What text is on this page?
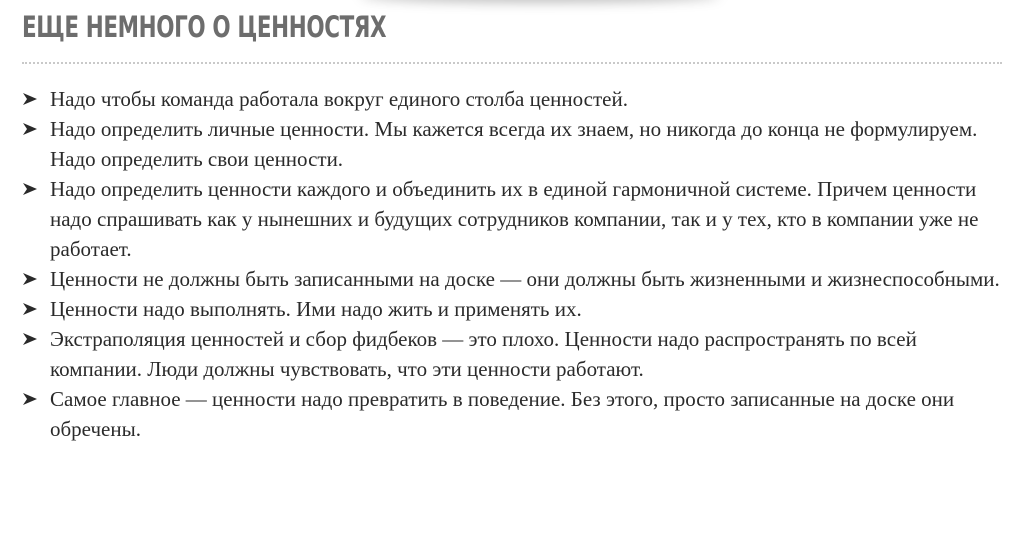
ЕЩЕ НЕМНОГО О ЦЕННОСТЯХ
Надо чтобы команда работала вокруг единого столба ценностей.
Надо определить личные ценности. Мы кажется всегда их знаем, но никогда до конца не формулируем. Надо определить свои ценности.
Надо определить ценности каждого и объединить их в единой гармоничной системе. Причем ценности надо спрашивать как у нынешних и будущих сотрудников компании, так и у тех, кто в компании уже не работает.
Ценности не должны быть записанными на доске — они должны быть жизненными и жизнеспособными.
Ценности надо выполнять. Ими надо жить и применять их.
Экстраполяция ценностей и сбор фидбеков — это плохо. Ценности надо распространять по всей компании. Люди должны чувствовать, что эти ценности работают.
Самое главное — ценности надо превратить в поведение. Без этого, просто записанные на доске они обречены.
